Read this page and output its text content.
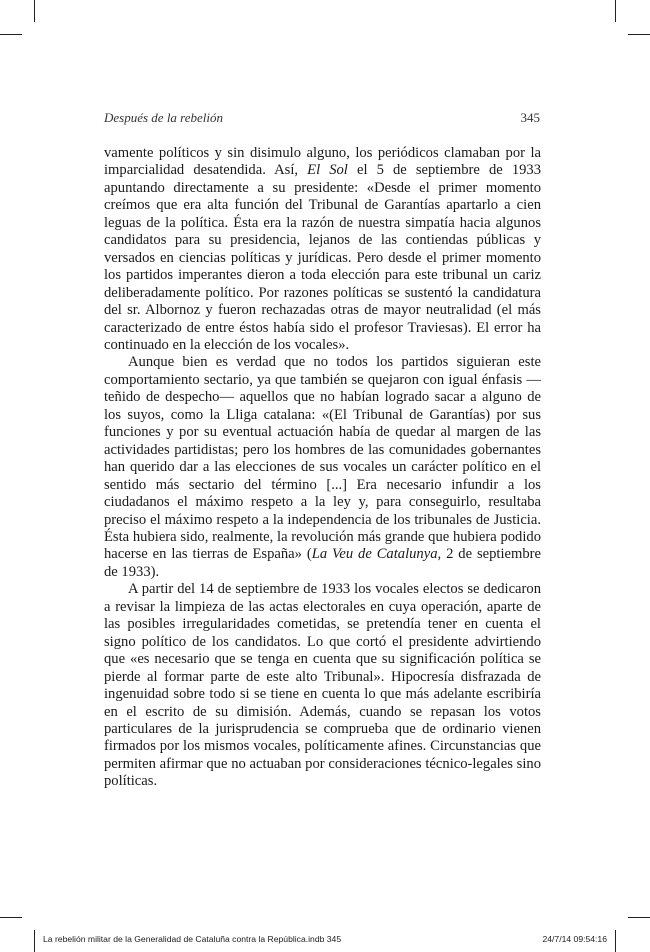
Después de la rebelión	345

vamente políticos y sin disimulo alguno, los periódicos clamaban por la imparcialidad desatendida. Así, El Sol el 5 de septiembre de 1933 apuntando directamente a su presidente: «Desde el primer momento creímos que era alta función del Tribunal de Garantías apartarlo a cien leguas de la política. Ésta era la razón de nuestra simpatía hacia algunos candidatos para su presidencia, lejanos de las contiendas públicas y versados en ciencias políticas y jurídicas. Pero desde el primer momento los partidos imperantes dieron a toda elección para este tribunal un cariz deliberadamente político. Por razones políticas se sustentó la candidatura del sr. Albornoz y fueron rechazadas otras de mayor neutralidad (el más caracterizado de entre éstos había sido el profesor Traviesas). El error ha continuado en la elección de los vocales».

Aunque bien es verdad que no todos los partidos siguieran este comportamiento sectario, ya que también se quejaron con igual énfasis —teñido de despecho— aquellos que no habían logrado sacar a alguno de los suyos, como la Lliga catalana: «(El Tribunal de Garantías) por sus funciones y por su eventual actuación había de quedar al margen de las actividades partidistas; pero los hombres de las comunidades gobernantes han querido dar a las elecciones de sus vocales un carácter político en el sentido más sectario del término [...] Era necesario infundir a los ciudadanos el máximo respeto a la ley y, para conseguirlo, resultaba preciso el máximo respeto a la independencia de los tribunales de Justicia. Ésta hubiera sido, realmente, la revolución más grande que hubiera podido hacerse en las tierras de España» (La Veu de Catalunya, 2 de septiembre de 1933).

A partir del 14 de septiembre de 1933 los vocales electos se dedicaron a revisar la limpieza de las actas electorales en cuya operación, aparte de las posibles irregularidades cometidas, se pretendía tener en cuenta el signo político de los candidatos. Lo que cortó el presidente advirtiendo que «es necesario que se tenga en cuenta que su significación política se pierde al formar parte de este alto Tribunal». Hipocresía disfrazada de ingenuidad sobre todo si se tiene en cuenta lo que más adelante escribiría en el escrito de su dimisión. Además, cuando se repasan los votos particulares de la jurisprudencia se comprueba que de ordinario vienen firmados por los mismos vocales, políticamente afines. Circunstancias que permiten afirmar que no actuaban por consideraciones técnico-legales sino políticas.

La rebelión militar de la Generalidad de Cataluña contra la República.indb 345	24/7/14 09:54:16
